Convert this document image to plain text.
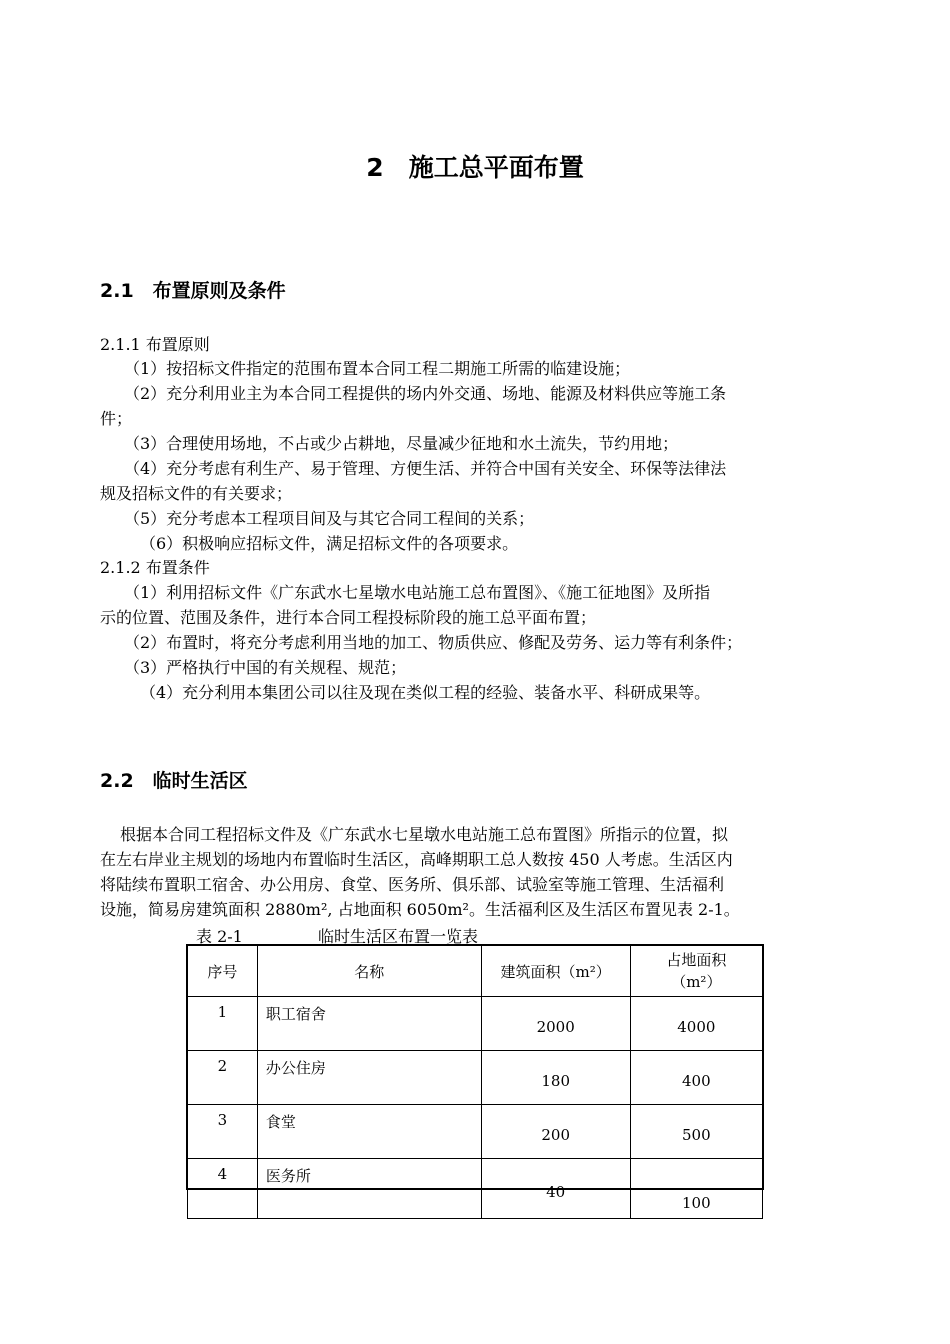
2　施工总平面布置
2.1　布置原则及条件
2.1.1 布置原则
（1）按招标文件指定的范围布置本合同工程二期施工所需的临建设施；
（2）充分利用业主为本合同工程提供的场内外交通、场地、能源及材料供应等施工条
件；
（3）合理使用场地，不占或少占耕地，尽量减少征地和水土流失，节约用地；
（4）充分考虑有利生产、易于管理、方便生活、并符合中国有关安全、环保等法律法
规及招标文件的有关要求；
（5）充分考虑本工程项目间及与其它合同工程间的关系；
（6）积极响应招标文件，满足招标文件的各项要求。
2.1.2 布置条件
（1）利用招标文件《广东武水七星墩水电站施工总布置图》、《施工征地图》及所指
示的位置、范围及条件，进行本合同工程投标阶段的施工总平面布置；
（2）布置时，将充分考虑利用当地的加工、物质供应、修配及劳务、运力等有利条件；
（3）严格执行中国的有关规程、规范；
（4）充分利用本集团公司以往及现在类似工程的经验、装备水平、科研成果等。
2.2　临时生活区
根据本合同工程招标文件及《广东武水七星墩水电站施工总布置图》所指示的位置，拟
在左右岸业主规划的场地内布置临时生活区，高峰期职工总人数按 450 人考虑。生活区内
将陆续布置职工宿舍、办公用房、食堂、医务所、俱乐部、试验室等施工管理、生活福利
设施，简易房建筑面积 2880m², 占地面积 6050m²。生活福利区及生活区布置见表 2-1。
表 2-1	临时生活区布置一览表
序号	名称	建筑面积（m²）	占地面积
（m²）

1	职工宿舍	2000	4000
2	办公住房	180	400
3	食堂	200	500
4	医务所	40	100
